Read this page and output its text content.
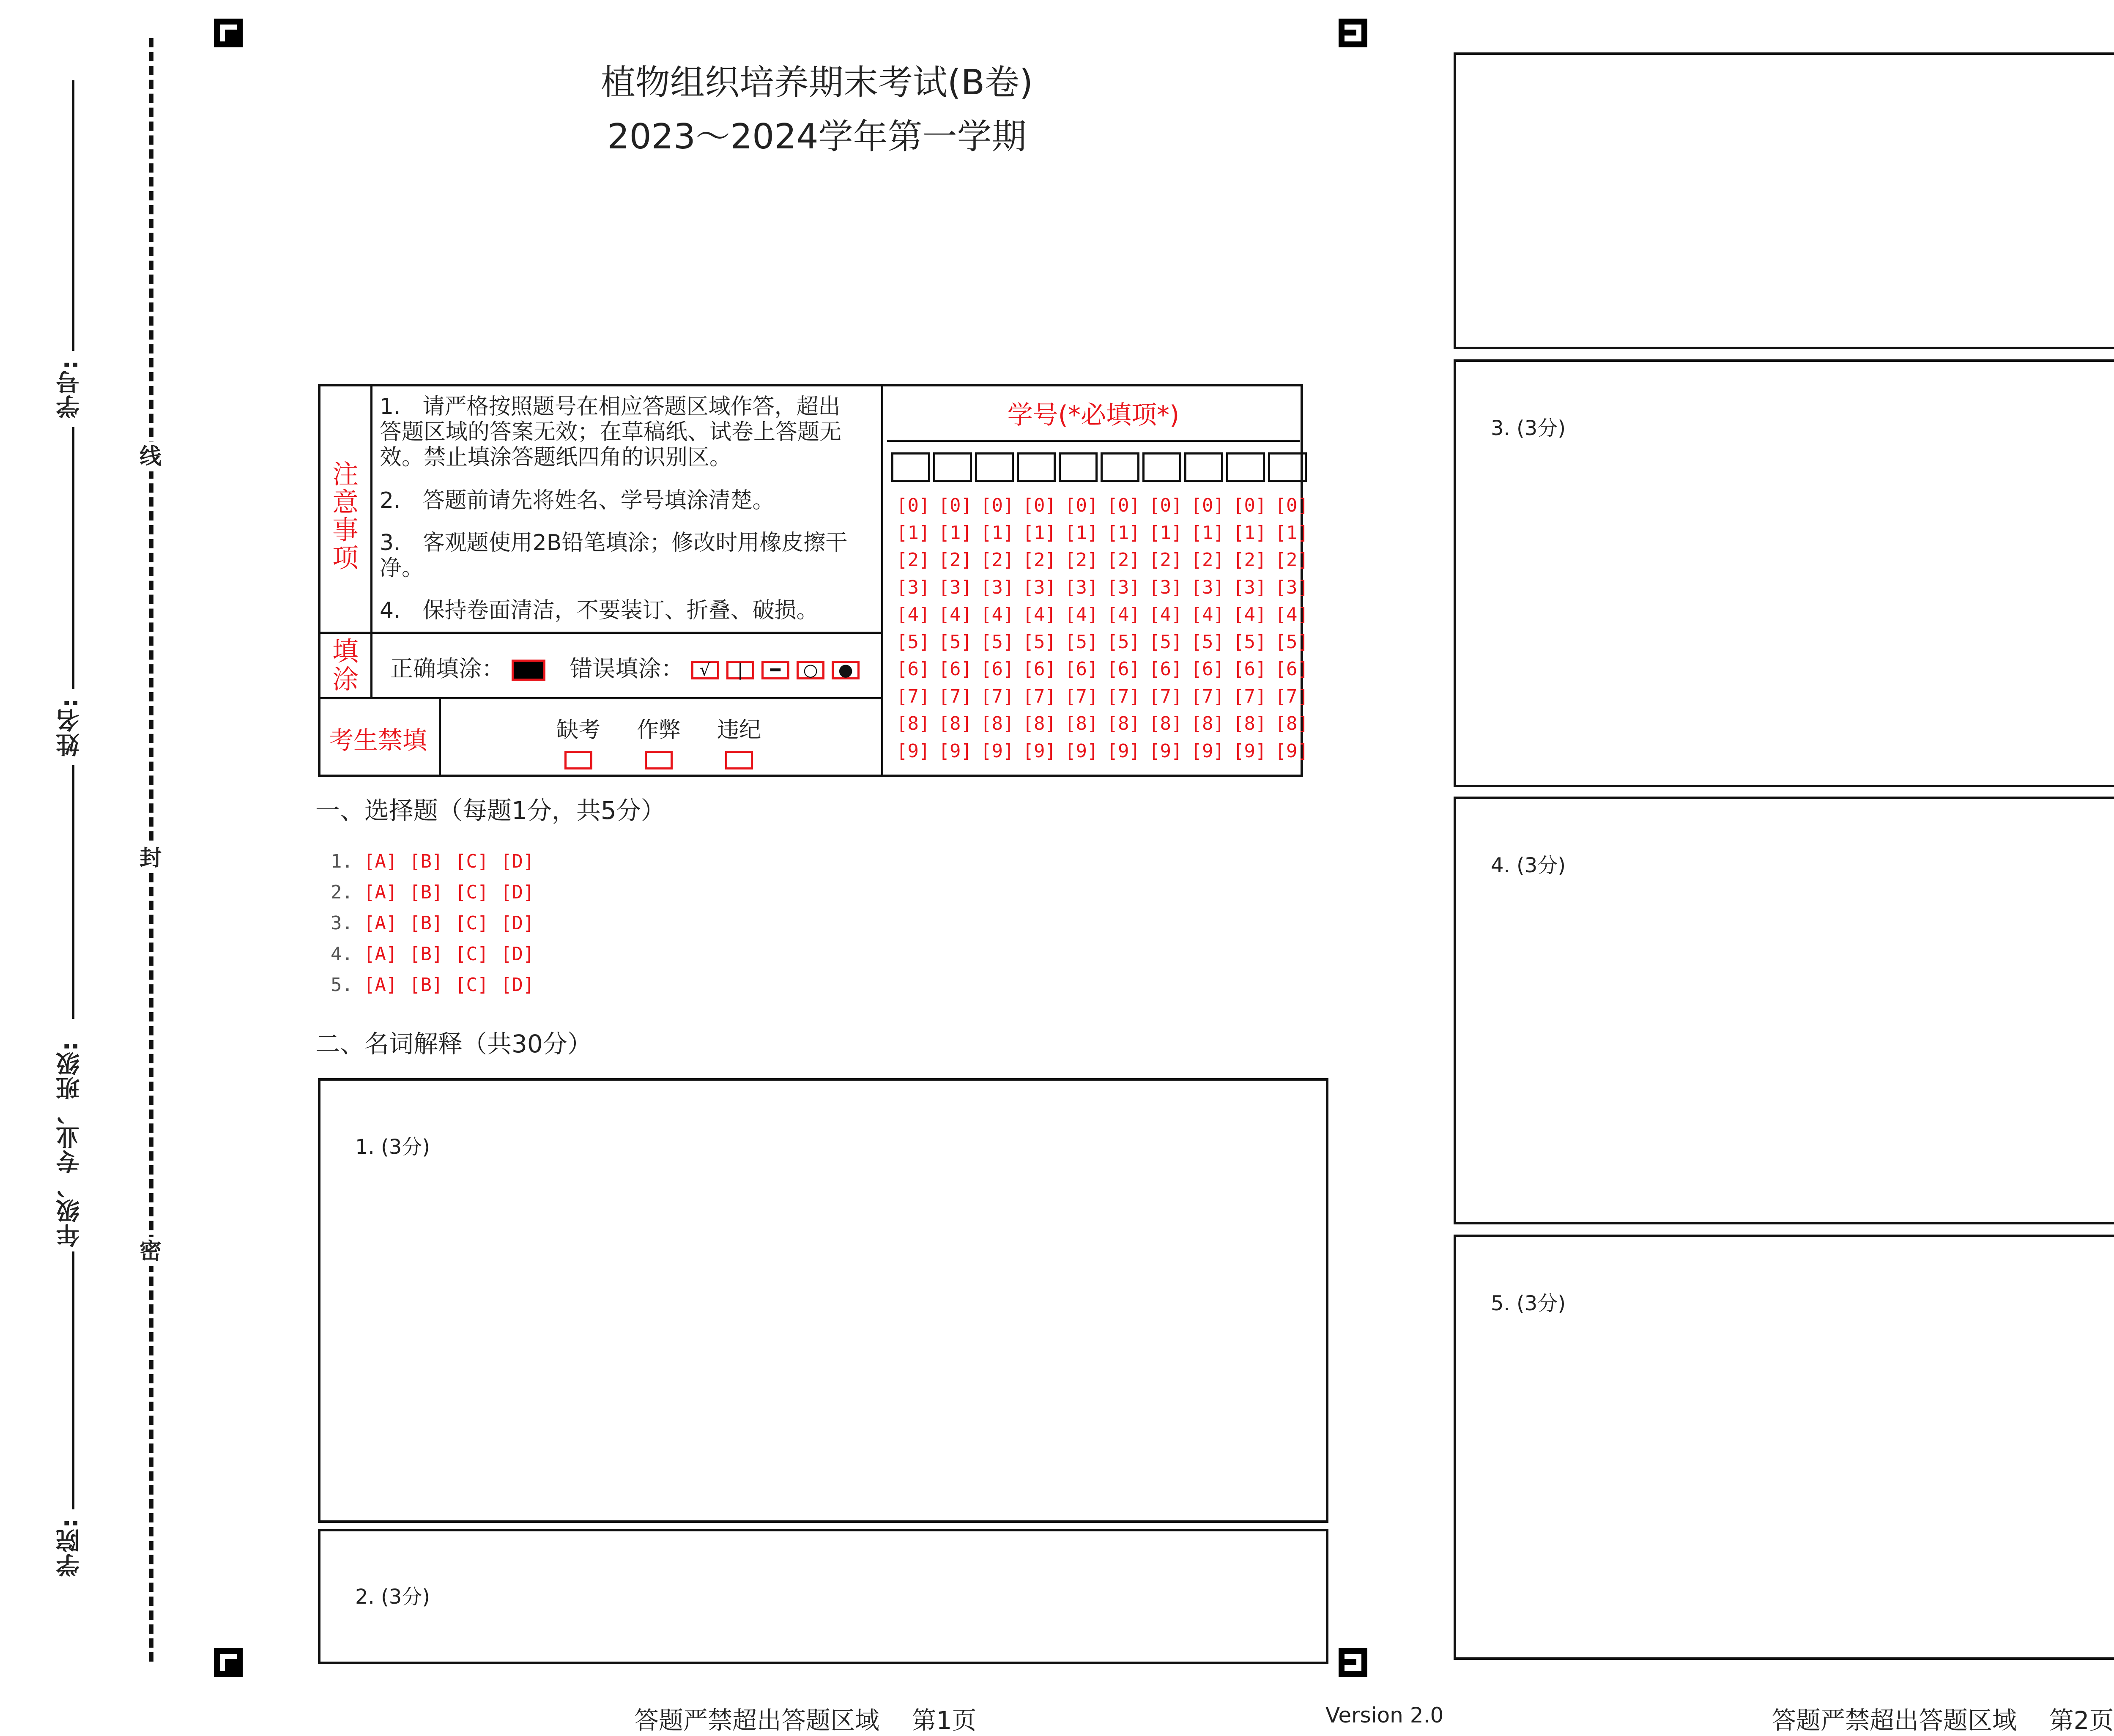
线
封
密
学号:
姓名:
年级、专业、班级:
学院:
植物组织培养期末考试(B卷)
2023～2024学年第一学期
注意事项
1.　请严格按照题号在相应答题区域作答，超出答题区域的答案无效；在草稿纸、试卷上答题无效。禁止填涂答题纸四角的识别区。
2.　答题前请先将姓名、学号填涂清楚。
3.　客观题使用2B铅笔填涂；修改时用橡皮擦干净。
4.　保持卷面清洁，不要装订、折叠、破损。
填涂 正确填涂：	错误填涂： √ | ━ ○ ●
考生禁填	缺考	作弊	违纪
学号(*必填项*)
[0] [0] [0] [0] [0] [0] [0] [0] [0] [0]
[1] [1] [1] [1] [1] [1] [1] [1] [1] [1]
[2] [2] [2] [2] [2] [2] [2] [2] [2] [2]
[3] [3] [3] [3] [3] [3] [3] [3] [3] [3]
[4] [4] [4] [4] [4] [4] [4] [4] [4] [4]
[5] [5] [5] [5] [5] [5] [5] [5] [5] [5]
[6] [6] [6] [6] [6] [6] [6] [6] [6] [6]
[7] [7] [7] [7] [7] [7] [7] [7] [7] [7]
[8] [8] [8] [8] [8] [8] [8] [8] [8] [8]
[9] [9] [9] [9] [9] [9] [9] [9] [9] [9]
一、选择题（每题1分，共5分）
1. [A] [B] [C] [D]
2. [A] [B] [C] [D]
3. [A] [B] [C] [D]
4. [A] [B] [C] [D]
5. [A] [B] [C] [D]
二、名词解释（共30分）
1. (3分)
2. (3分)
3. (3分)
4. (3分)
5. (3分)
答题严禁超出答题区域　 第1页	Version 2.0	答题严禁超出答题区域　 第2页
